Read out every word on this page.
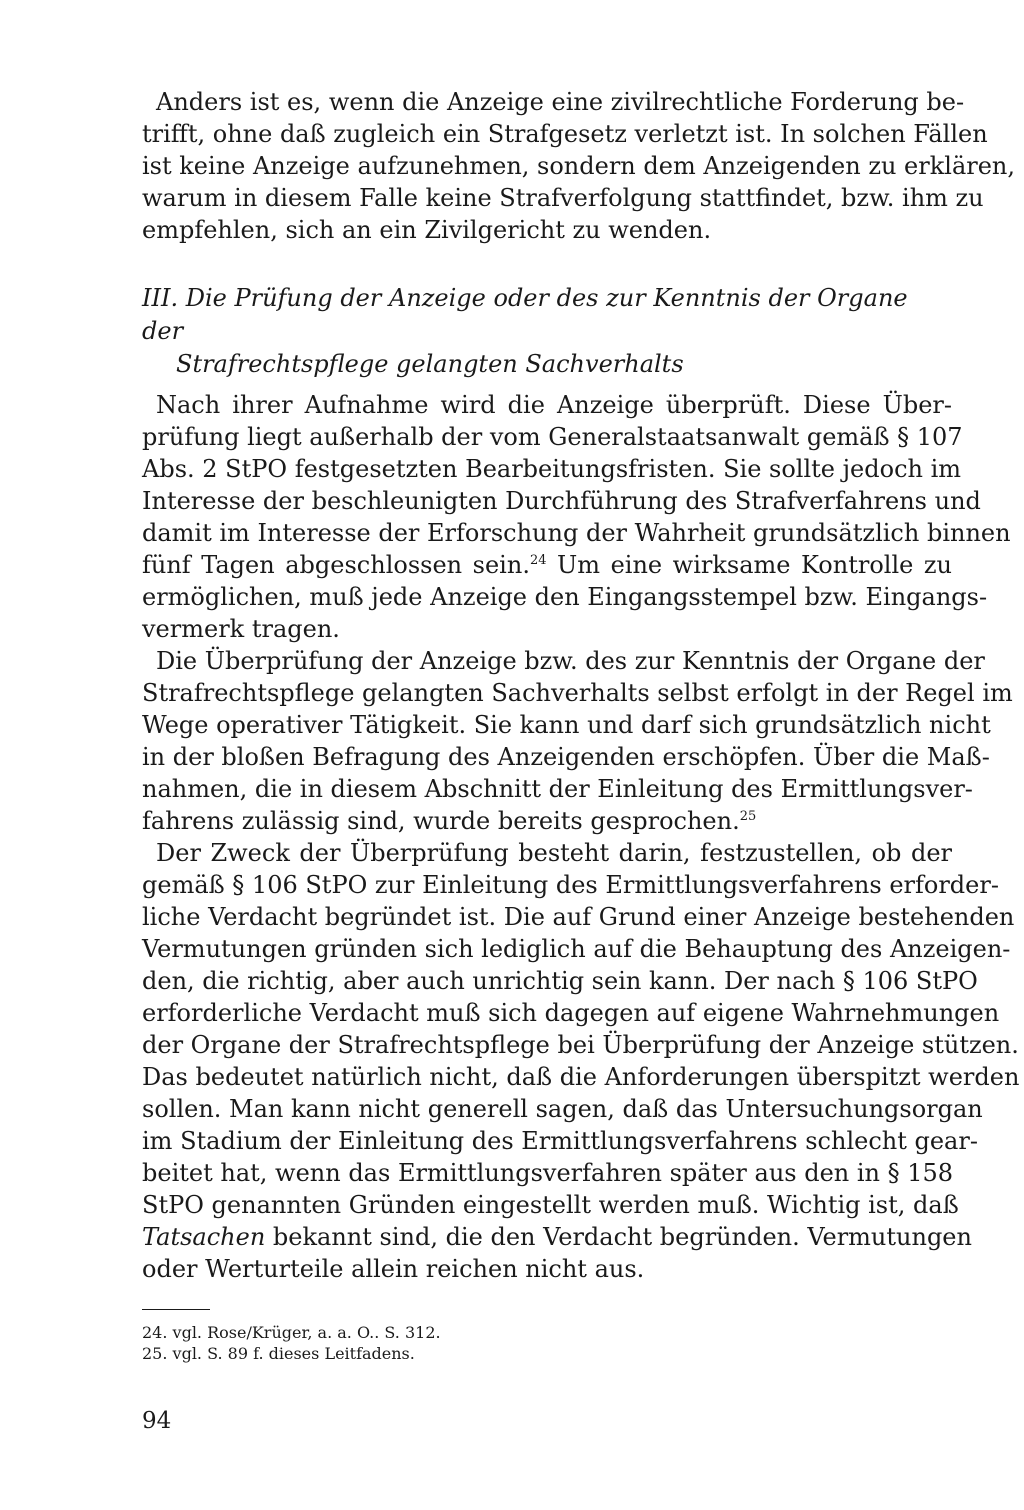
Anders ist es, wenn die Anzeige eine zivilrechtliche Forderung be-
trifft, ohne daß zugleich ein Strafgesetz verletzt ist. In solchen Fällen
ist keine Anzeige aufzunehmen, sondern dem Anzeigenden zu erklären,
warum in diesem Falle keine Strafverfolgung stattfindet, bzw. ihm zu
empfehlen, sich an ein Zivilgericht zu wenden.

III. Die Prüfung der Anzeige oder des zur Kenntnis der Organe der
Strafrechtspflege gelangten Sachverhalts

Nach ihrer Aufnahme wird die Anzeige überprüft. Diese Über-
prüfung liegt außerhalb der vom Generalstaatsanwalt gemäß § 107
Abs. 2 StPO festgesetzten Bearbeitungsfristen. Sie sollte jedoch im
Interesse der beschleunigten Durchführung des Strafverfahrens und
damit im Interesse der Erforschung der Wahrheit grundsätzlich binnen
fünf Tagen abgeschlossen sein.$^{24}$ Um eine wirksame Kontrolle zu
ermöglichen, muß jede Anzeige den Eingangsstempel bzw. Eingangs-
vermerk tragen.

Die Überprüfung der Anzeige bzw. des zur Kenntnis der Organe der
Strafrechtspflege gelangten Sachverhalts selbst erfolgt in der Regel im
Wege operativer Tätigkeit. Sie kann und darf sich grundsätzlich nicht
in der bloßen Befragung des Anzeigenden erschöpfen. Über die Maß-
nahmen, die in diesem Abschnitt der Einleitung des Ermittlungsver-
fahrens zulässig sind, wurde bereits gesprochen.$^{25}$

Der Zweck der Überprüfung besteht darin, festzustellen, ob der
gemäß § 106 StPO zur Einleitung des Ermittlungsverfahrens erforder-
liche Verdacht begründet ist. Die auf Grund einer Anzeige bestehenden
Vermutungen gründen sich lediglich auf die Behauptung des Anzeigen-
den, die richtig, aber auch unrichtig sein kann. Der nach § 106 StPO
erforderliche Verdacht muß sich dagegen auf eigene Wahrnehmungen
der Organe der Strafrechtspflege bei Überprüfung der Anzeige stützen.
Das bedeutet natürlich nicht, daß die Anforderungen überspitzt werden
sollen. Man kann nicht generell sagen, daß das Untersuchungsorgan
im Stadium der Einleitung des Ermittlungsverfahrens schlecht gear-
beitet hat, wenn das Ermittlungsverfahren später aus den in § 158
StPO genannten Gründen eingestellt werden muß. Wichtig ist, daß
Tatsachen bekannt sind, die den Verdacht begründen. Vermutungen
oder Werturteile allein reichen nicht aus.

24. vgl. Rose/Krüger, a. a. O.. S. 312.

25. vgl. S. 89 f. dieses Leitfadens.

94
